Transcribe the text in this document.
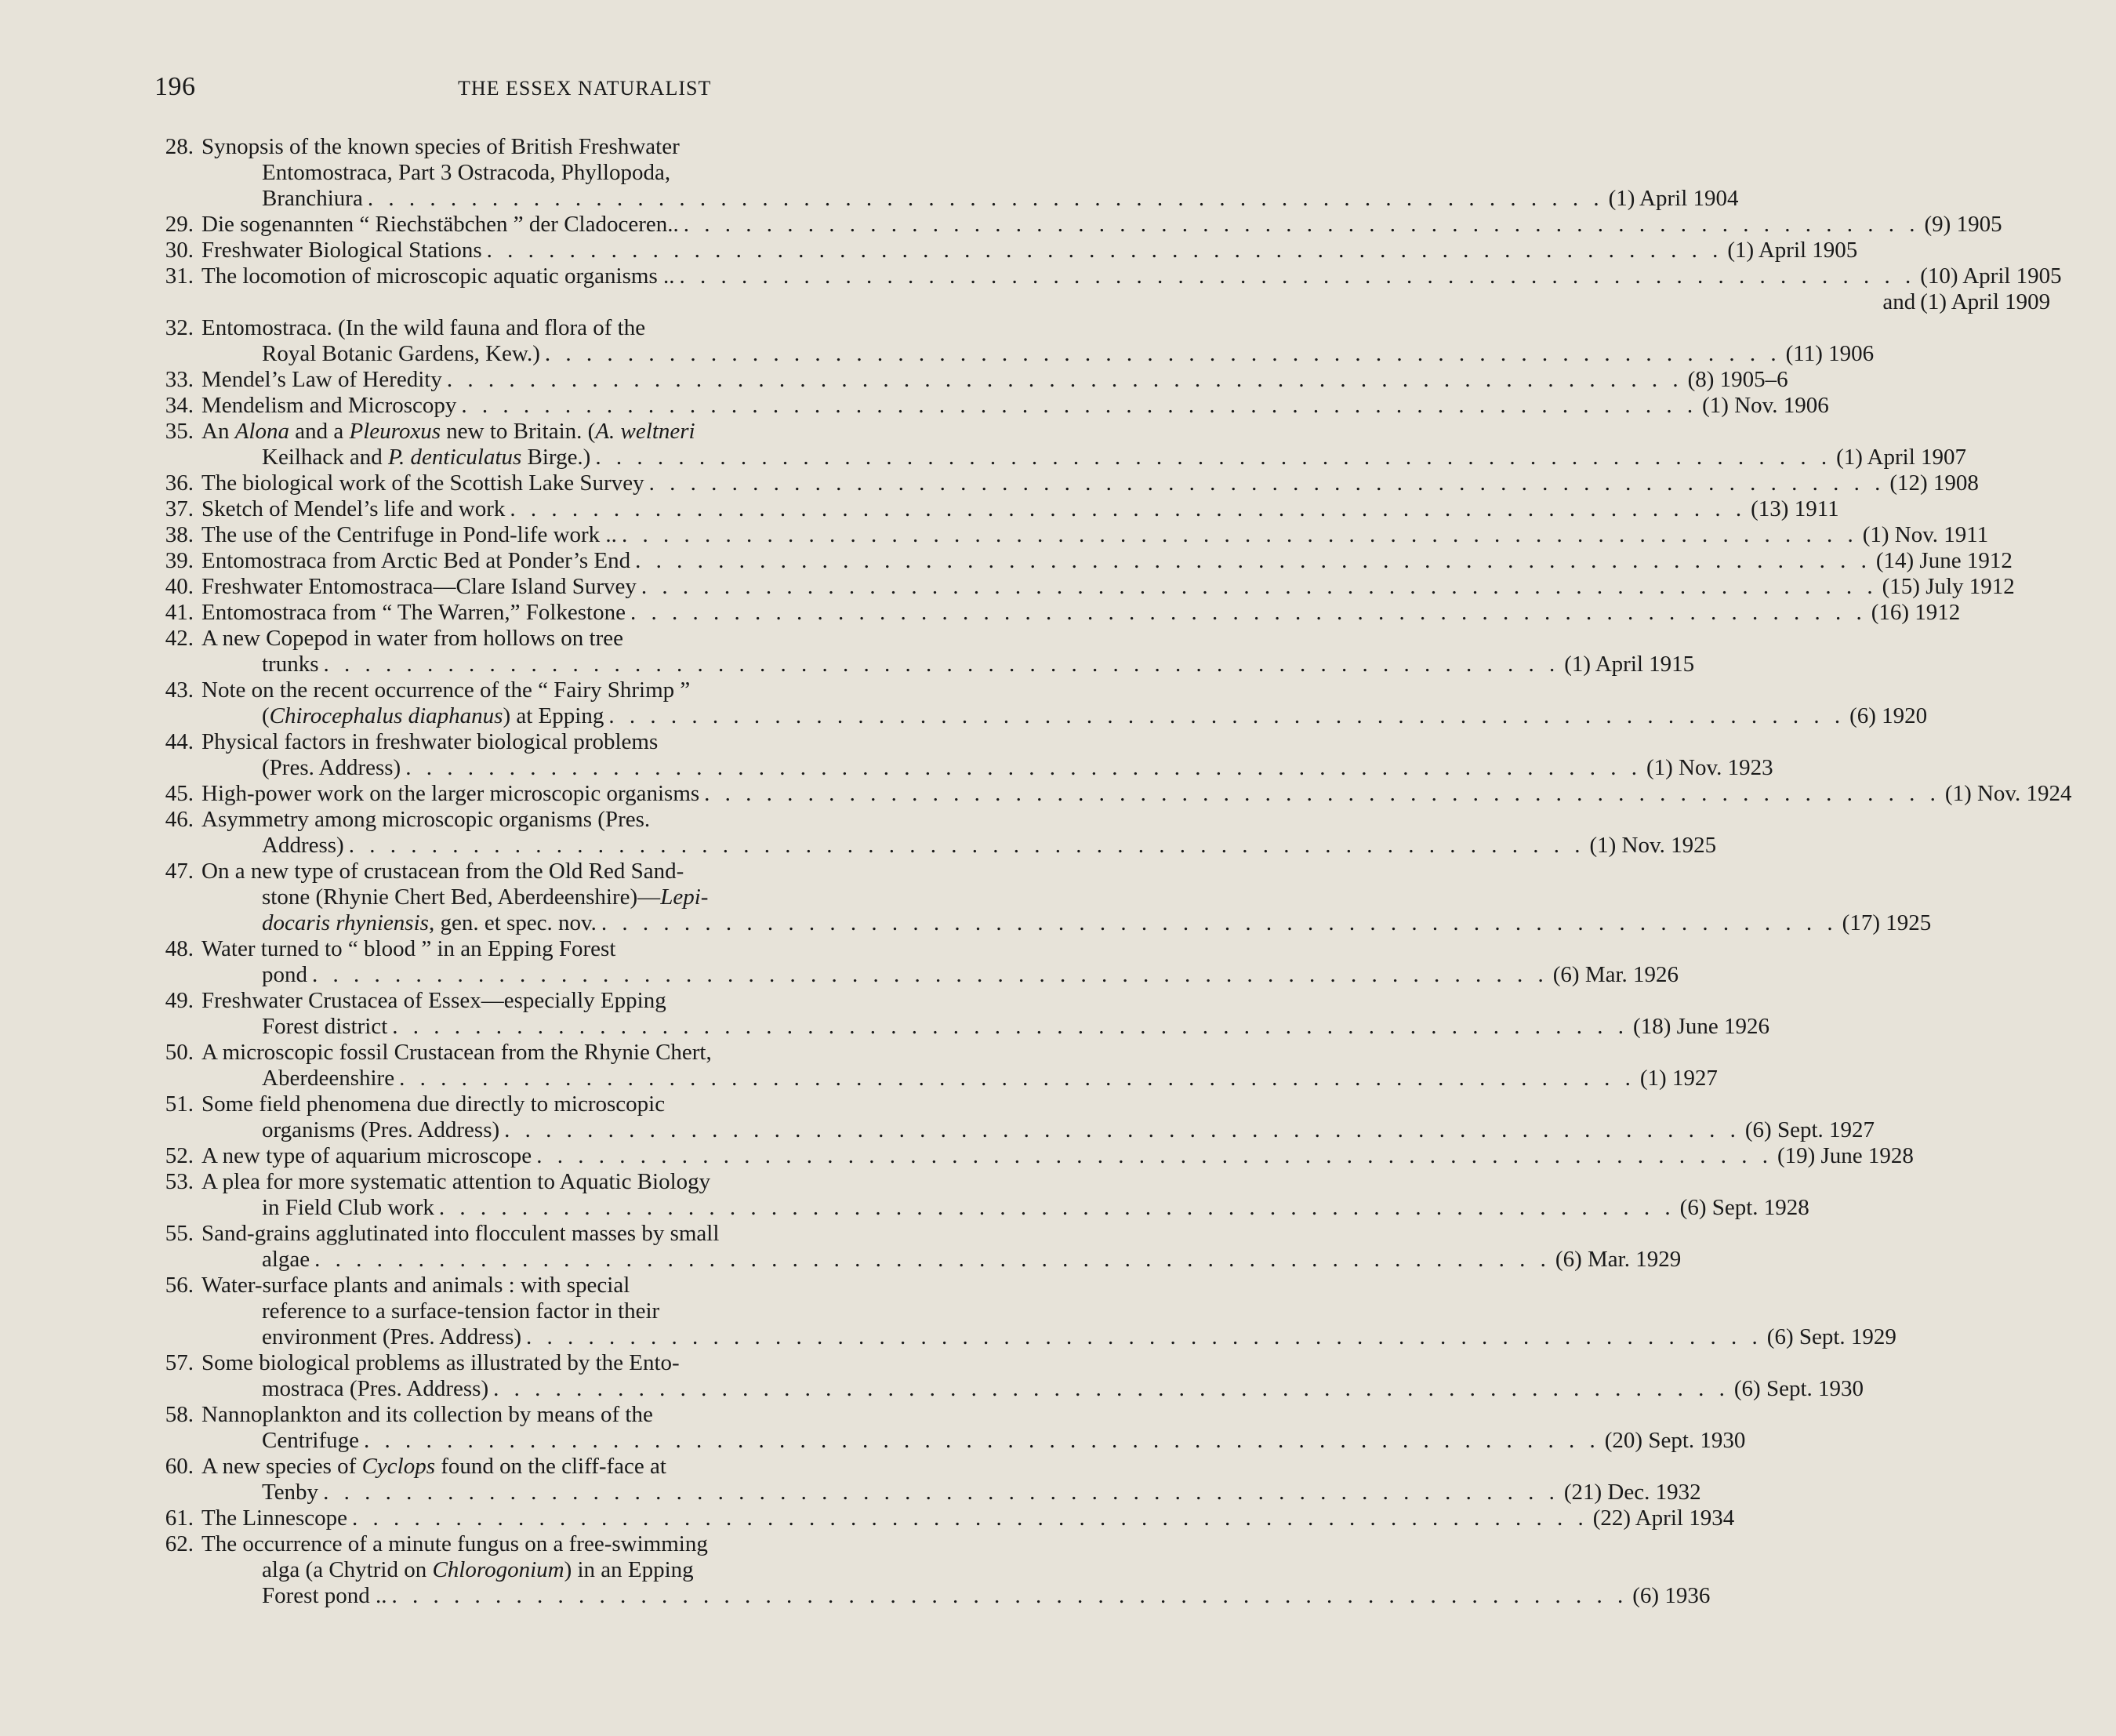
196	THE ESSEX NATURALIST
28. Synopsis of the known species of British Freshwater
Entomostraca, Part 3 Ostracoda, Phyllopoda,
Branchiura . . . . . . . . . . . . . . . . . . . . . . . . . . . . . . . . . . . . . . . . . . . . . . . . . . . . . . . . . . . . (1) April 1904
29. Die sogenannten “ Riechstäbchen ” der Cladoceren.. . . . . . . . . . . . . . . . . . . . . . . . . . . . . . . . . . . . . . . . . . . . . . . . . . . . . . . . . . . . . (9) 1905
30. Freshwater Biological Stations . . . . . . . . . . . . . . . . . . . . . . . . . . . . . . . . . . . . . . . . . . . . . . . . . . . . . . . . . . . . (1) April 1905
31. The locomotion of microscopic aquatic organisms .. . . . . . . . . . . . . . . . . . . . . . . . . . . . . . . . . . . . . . . . . . . . . . . . . . . . . . . . . . . . . (10) April 1905
and (1) April 1909
32. Entomostraca. (In the wild fauna and flora of the
Royal Botanic Gardens, Kew.) . . . . . . . . . . . . . . . . . . . . . . . . . . . . . . . . . . . . . . . . . . . . . . . . . . . . . . . . . . . . (11) 1906
33. Mendel’s Law of Heredity . . . . . . . . . . . . . . . . . . . . . . . . . . . . . . . . . . . . . . . . . . . . . . . . . . . . . . . . . . . . (8) 1905–6
34. Mendelism and Microscopy . . . . . . . . . . . . . . . . . . . . . . . . . . . . . . . . . . . . . . . . . . . . . . . . . . . . . . . . . . . . (1) Nov. 1906
35. An Alona and a Pleuroxus new to Britain. (A. weltneri
Keilhack and P. denticulatus Birge.) . . . . . . . . . . . . . . . . . . . . . . . . . . . . . . . . . . . . . . . . . . . . . . . . . . . . . . . . . . . . (1) April 1907
36. The biological work of the Scottish Lake Survey . . . . . . . . . . . . . . . . . . . . . . . . . . . . . . . . . . . . . . . . . . . . . . . . . . . . . . . . . . . . (12) 1908
37. Sketch of Mendel’s life and work . . . . . . . . . . . . . . . . . . . . . . . . . . . . . . . . . . . . . . . . . . . . . . . . . . . . . . . . . . . . (13) 1911
38. The use of the Centrifuge in Pond-life work .. . . . . . . . . . . . . . . . . . . . . . . . . . . . . . . . . . . . . . . . . . . . . . . . . . . . . . . . . . . . . (1) Nov. 1911
39. Entomostraca from Arctic Bed at Ponder’s End . . . . . . . . . . . . . . . . . . . . . . . . . . . . . . . . . . . . . . . . . . . . . . . . . . . . . . . . . . . . (14) June 1912
40. Freshwater Entomostraca—Clare Island Survey . . . . . . . . . . . . . . . . . . . . . . . . . . . . . . . . . . . . . . . . . . . . . . . . . . . . . . . . . . . . (15) July 1912
41. Entomostraca from “ The Warren,” Folkestone . . . . . . . . . . . . . . . . . . . . . . . . . . . . . . . . . . . . . . . . . . . . . . . . . . . . . . . . . . . . (16) 1912
42. A new Copepod in water from hollows on tree
trunks . . . . . . . . . . . . . . . . . . . . . . . . . . . . . . . . . . . . . . . . . . . . . . . . . . . . . . . . . . . . (1) April 1915
43. Note on the recent occurrence of the “ Fairy Shrimp ”
(Chirocephalus diaphanus) at Epping . . . . . . . . . . . . . . . . . . . . . . . . . . . . . . . . . . . . . . . . . . . . . . . . . . . . . . . . . . . . (6) 1920
44. Physical factors in freshwater biological problems
(Pres. Address) . . . . . . . . . . . . . . . . . . . . . . . . . . . . . . . . . . . . . . . . . . . . . . . . . . . . . . . . . . . . (1) Nov. 1923
45. High-power work on the larger microscopic organisms . . . . . . . . . . . . . . . . . . . . . . . . . . . . . . . . . . . . . . . . . . . . . . . . . . . . . . . . . . . . (1) Nov. 1924
46. Asymmetry among microscopic organisms (Pres.
Address) . . . . . . . . . . . . . . . . . . . . . . . . . . . . . . . . . . . . . . . . . . . . . . . . . . . . . . . . . . . . (1) Nov. 1925
47. On a new type of crustacean from the Old Red Sand-
stone (Rhynie Chert Bed, Aberdeenshire)—Lepi-
docaris rhyniensis, gen. et spec. nov. . . . . . . . . . . . . . . . . . . . . . . . . . . . . . . . . . . . . . . . . . . . . . . . . . . . . . . . . . . . . (17) 1925
48. Water turned to “ blood ” in an Epping Forest
pond . . . . . . . . . . . . . . . . . . . . . . . . . . . . . . . . . . . . . . . . . . . . . . . . . . . . . . . . . . . . (6) Mar. 1926
49. Freshwater Crustacea of Essex—especially Epping
Forest district . . . . . . . . . . . . . . . . . . . . . . . . . . . . . . . . . . . . . . . . . . . . . . . . . . . . . . . . . . . . (18) June 1926
50. A microscopic fossil Crustacean from the Rhynie Chert,
Aberdeenshire . . . . . . . . . . . . . . . . . . . . . . . . . . . . . . . . . . . . . . . . . . . . . . . . . . . . . . . . . . . . (1) 1927
51. Some field phenomena due directly to microscopic
organisms (Pres. Address) . . . . . . . . . . . . . . . . . . . . . . . . . . . . . . . . . . . . . . . . . . . . . . . . . . . . . . . . . . . . (6) Sept. 1927
52. A new type of aquarium microscope . . . . . . . . . . . . . . . . . . . . . . . . . . . . . . . . . . . . . . . . . . . . . . . . . . . . . . . . . . . . (19) June 1928
53. A plea for more systematic attention to Aquatic Biology
in Field Club work . . . . . . . . . . . . . . . . . . . . . . . . . . . . . . . . . . . . . . . . . . . . . . . . . . . . . . . . . . . . (6) Sept. 1928
55. Sand-grains agglutinated into flocculent masses by small
algae . . . . . . . . . . . . . . . . . . . . . . . . . . . . . . . . . . . . . . . . . . . . . . . . . . . . . . . . . . . . (6) Mar. 1929
56. Water-surface plants and animals : with special
reference to a surface-tension factor in their
environment (Pres. Address) . . . . . . . . . . . . . . . . . . . . . . . . . . . . . . . . . . . . . . . . . . . . . . . . . . . . . . . . . . . . (6) Sept. 1929
57. Some biological problems as illustrated by the Ento-
mostraca (Pres. Address) . . . . . . . . . . . . . . . . . . . . . . . . . . . . . . . . . . . . . . . . . . . . . . . . . . . . . . . . . . . . (6) Sept. 1930
58. Nannoplankton and its collection by means of the
Centrifuge . . . . . . . . . . . . . . . . . . . . . . . . . . . . . . . . . . . . . . . . . . . . . . . . . . . . . . . . . . . . (20) Sept. 1930
60. A new species of Cyclops found on the cliff-face at
Tenby . . . . . . . . . . . . . . . . . . . . . . . . . . . . . . . . . . . . . . . . . . . . . . . . . . . . . . . . . . . . (21) Dec. 1932
61. The Linnescope . . . . . . . . . . . . . . . . . . . . . . . . . . . . . . . . . . . . . . . . . . . . . . . . . . . . . . . . . . . . (22) April 1934
62. The occurrence of a minute fungus on a free-swimming
alga (a Chytrid on Chlorogonium) in an Epping
Forest pond .. . . . . . . . . . . . . . . . . . . . . . . . . . . . . . . . . . . . . . . . . . . . . . . . . . . . . . . . . . . . . (6) 1936
